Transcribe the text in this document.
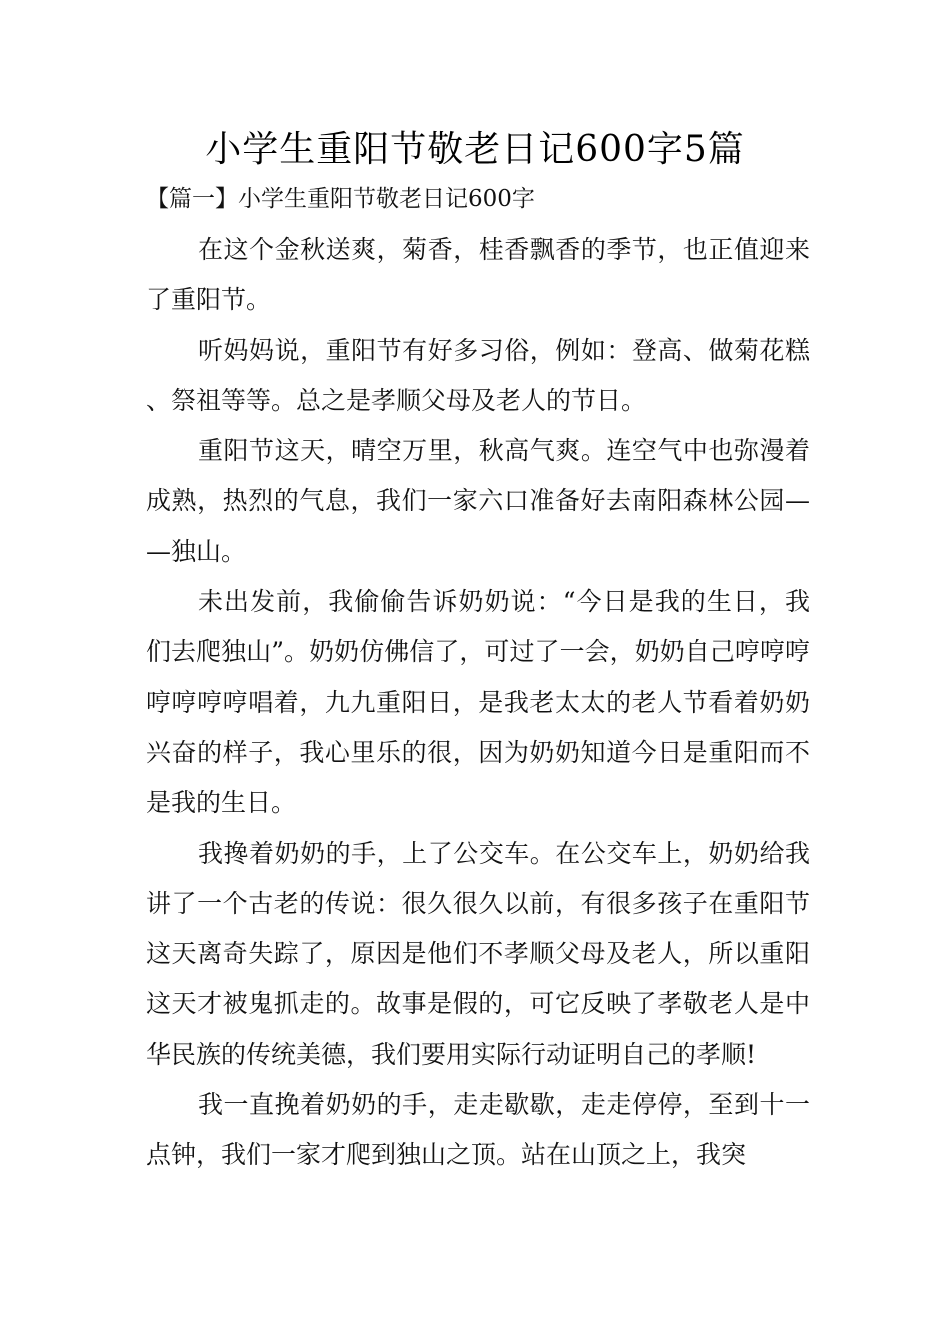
小学生重阳节敬老日记600字5篇
【篇一】小学生重阳节敬老日记600字

在这个金秋送爽，菊香，桂香飘香的季节，也正值迎来了重阳节。

听妈妈说，重阳节有好多习俗，例如：登高、做菊花糕、祭祖等等。总之是孝顺父母及老人的节日。

重阳节这天，晴空万里，秋高气爽。连空气中也弥漫着成熟，热烈的气息，我们一家六口准备好去南阳森林公园——独山。

未出发前，我偷偷告诉奶奶说：“今日是我的生日，我们去爬独山”。奶奶仿佛信了，可过了一会，奶奶自己哼哼哼哼哼哼哼唱着，九九重阳日，是我老太太的老人节看着奶奶兴奋的样子，我心里乐的很，因为奶奶知道今日是重阳而不是我的生日。

我搀着奶奶的手，上了公交车。在公交车上，奶奶给我讲了一个古老的传说：很久很久以前，有很多孩子在重阳节这天离奇失踪了，原因是他们不孝顺父母及老人，所以重阳这天才被鬼抓走的。故事是假的，可它反映了孝敬老人是中华民族的传统美德，我们要用实际行动证明自己的孝顺!

我一直挽着奶奶的手，走走歇歇，走走停停，至到十一点钟，我们一家才爬到独山之顶。站在山顶之上，我突
